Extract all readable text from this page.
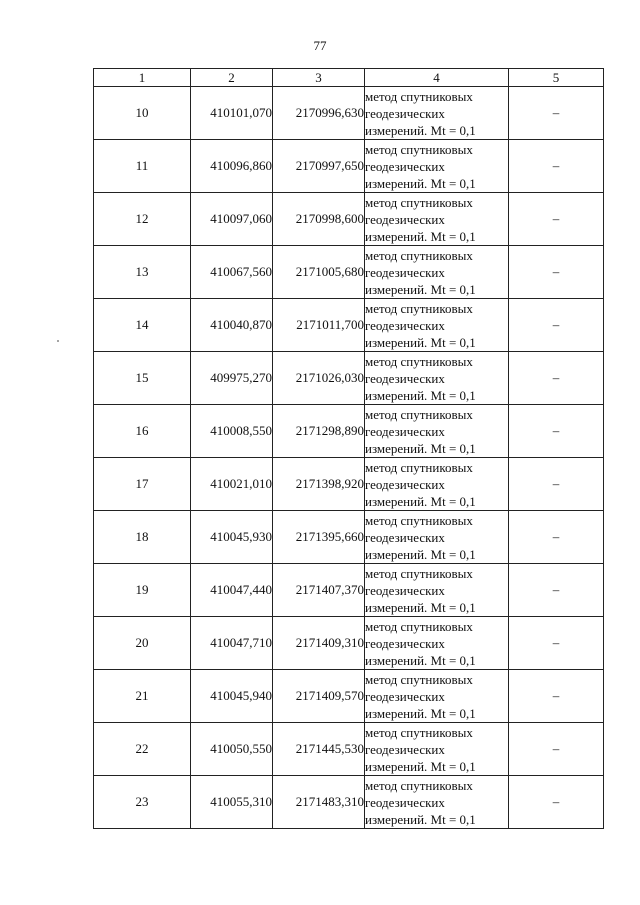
77
1	2	3	4	5
10	410101,070	2170996,630	метод спутниковых
геодезических
измерений. Mt = 0,1	–
11	410096,860	2170997,650	метод спутниковых
геодезических
измерений. Mt = 0,1	–
12	410097,060	2170998,600	метод спутниковых
геодезических
измерений. Mt = 0,1	–
13	410067,560	2171005,680	метод спутниковых
геодезических
измерений. Mt = 0,1	–
14	410040,870	2171011,700	метод спутниковых
геодезических
измерений. Mt = 0,1	–
15	409975,270	2171026,030	метод спутниковых
геодезических
измерений. Mt = 0,1	–
16	410008,550	2171298,890	метод спутниковых
геодезических
измерений. Mt = 0,1	–
17	410021,010	2171398,920	метод спутниковых
геодезических
измерений. Mt = 0,1	–
18	410045,930	2171395,660	метод спутниковых
геодезических
измерений. Mt = 0,1	–
19	410047,440	2171407,370	метод спутниковых
геодезических
измерений. Mt = 0,1	–
20	410047,710	2171409,310	метод спутниковых
геодезических
измерений. Mt = 0,1	–
21	410045,940	2171409,570	метод спутниковых
геодезических
измерений. Mt = 0,1	–
22	410050,550	2171445,530	метод спутниковых
геодезических
измерений. Mt = 0,1	–
23	410055,310	2171483,310	метод спутниковых
геодезических
измерений. Mt = 0,1	–
